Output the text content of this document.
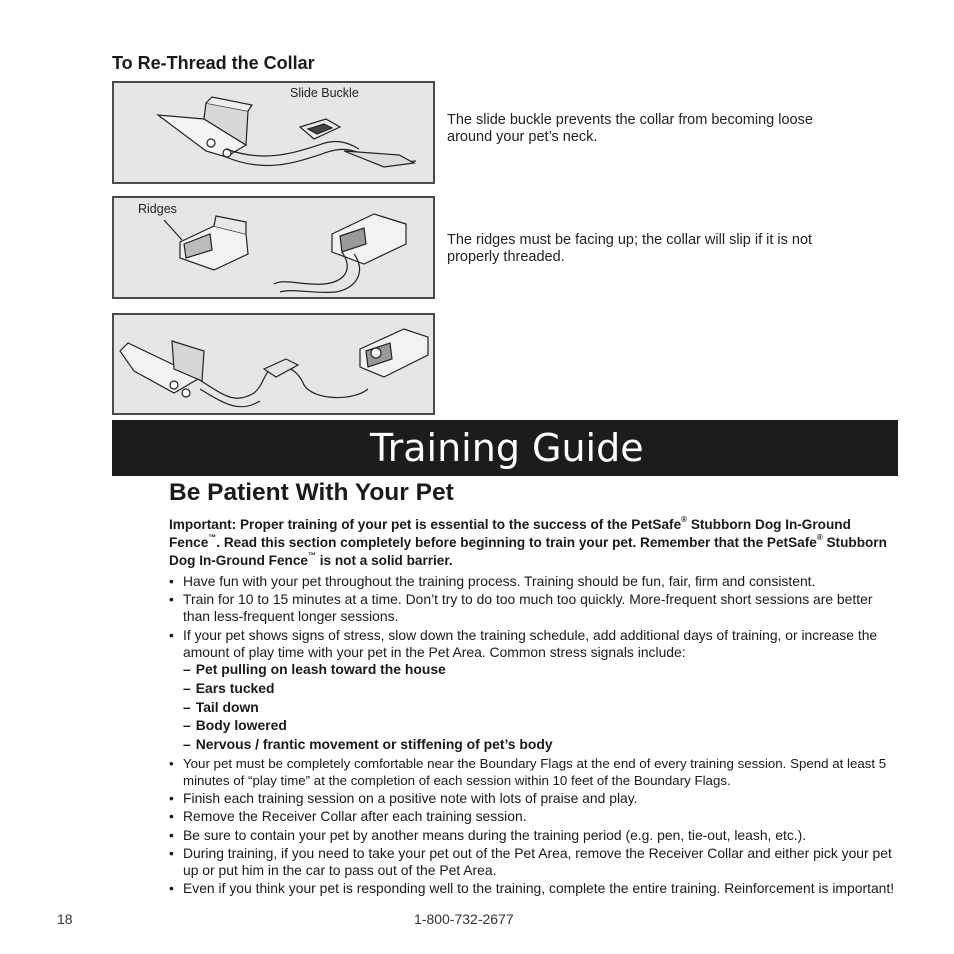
To Re-Thread the Collar
Slide Buckle
The slide buckle prevents the collar from becoming loose around your pet’s neck.
Ridges
The ridges must be facing up; the collar will slip if it is not properly threaded.
Training Guide
Be Patient With Your Pet

Important: Proper training of your pet is essential to the success of the PetSafe® Stubborn Dog In-Ground Fence™. Read this section completely before beginning to train your pet. Remember that the PetSafe® Stubborn Dog In-Ground Fence™ is not a solid barrier.

• Have fun with your pet throughout the training process. Training should be fun, fair, firm and consistent.
• Train for 10 to 15 minutes at a time. Don’t try to do too much too quickly. More-frequent short sessions are better than less-frequent longer sessions.
• If your pet shows signs of stress, slow down the training schedule, add additional days of training, or increase the amount of play time with your pet in the Pet Area. Common stress signals include:
– Pet pulling on leash toward the house
– Ears tucked
– Tail down
– Body lowered
– Nervous / frantic movement or stiffening of pet’s body
• Your pet must be completely comfortable near the Boundary Flags at the end of every training session. Spend at least 5 minutes of “play time” at the completion of each session within 10 feet of the Boundary Flags.
• Finish each training session on a positive note with lots of praise and play.
• Remove the Receiver Collar after each training session.
• Be sure to contain your pet by another means during the training period (e.g. pen, tie-out, leash, etc.).
• During training, if you need to take your pet out of the Pet Area, remove the Receiver Collar and either pick your pet up or put him in the car to pass out of the Pet Area.
• Even if you think your pet is responding well to the training, complete the entire training. Reinforcement is important!
18	1-800-732-2677
